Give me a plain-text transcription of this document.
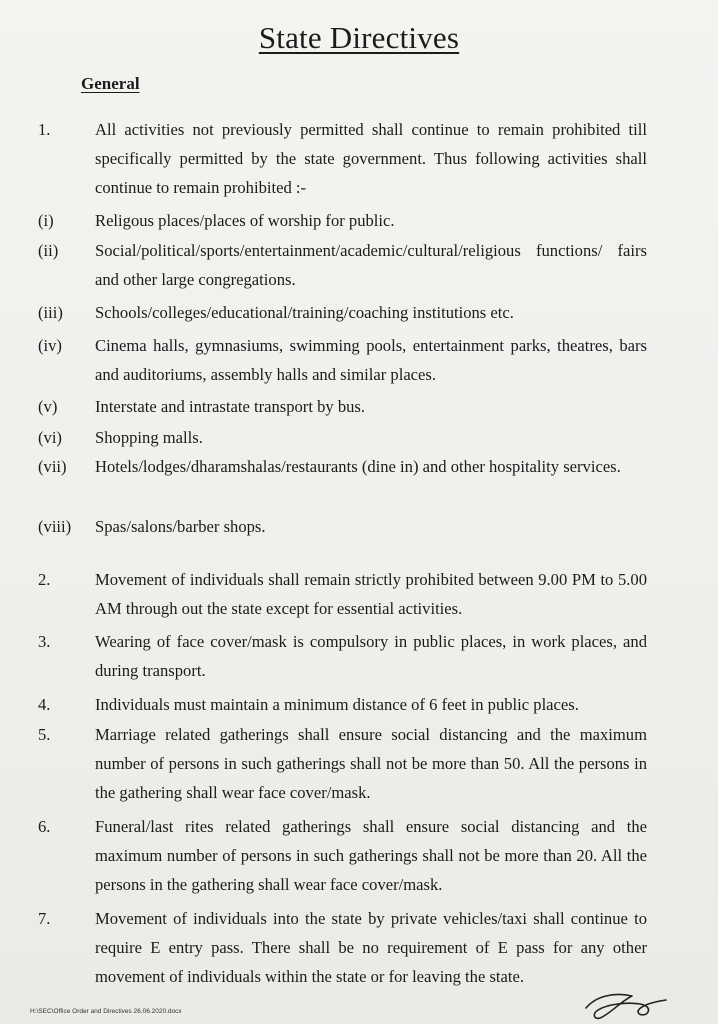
State Directives
General
1.	All activities not previously permitted shall continue to remain prohibited till specifically permitted by the state government. Thus following activities shall continue to remain prohibited :-
(i)	Religous places/places of worship for public.
(ii)	Social/political/sports/entertainment/academic/cultural/religious functions/ fairs and other large congregations.
(iii)	Schools/colleges/educational/training/coaching institutions etc.
(iv)	Cinema halls, gymnasiums, swimming pools, entertainment parks, theatres, bars and auditoriums, assembly halls and similar places.
(v)	Interstate and intrastate transport by bus.
(vi)	Shopping malls.
(vii)	Hotels/lodges/dharamshalas/restaurants (dine in) and other hospitality services.
(viii)	Spas/salons/barber shops.
2.	Movement of individuals shall remain strictly prohibited between 9.00 PM to 5.00 AM through out the state except for essential activities.
3.	Wearing of face cover/mask is compulsory in public places, in work places, and during transport.
4.	Individuals must maintain a minimum distance of 6 feet in public places.
5.	Marriage related gatherings shall ensure social distancing and the maximum number of persons in such gatherings shall not be more than 50. All the persons in the gathering shall wear face cover/mask.
6.	Funeral/last rites related gatherings shall ensure social distancing and the maximum number of persons in such gatherings shall not be more than 20. All the persons in the gathering shall wear face cover/mask.
7.	Movement of individuals into the state by private vehicles/taxi shall continue to require E entry pass. There shall be no requirement of E pass for any other movement of individuals within the state or for leaving the state.
H:\SEC\Office Order and Directives 26.06.2020.docx
